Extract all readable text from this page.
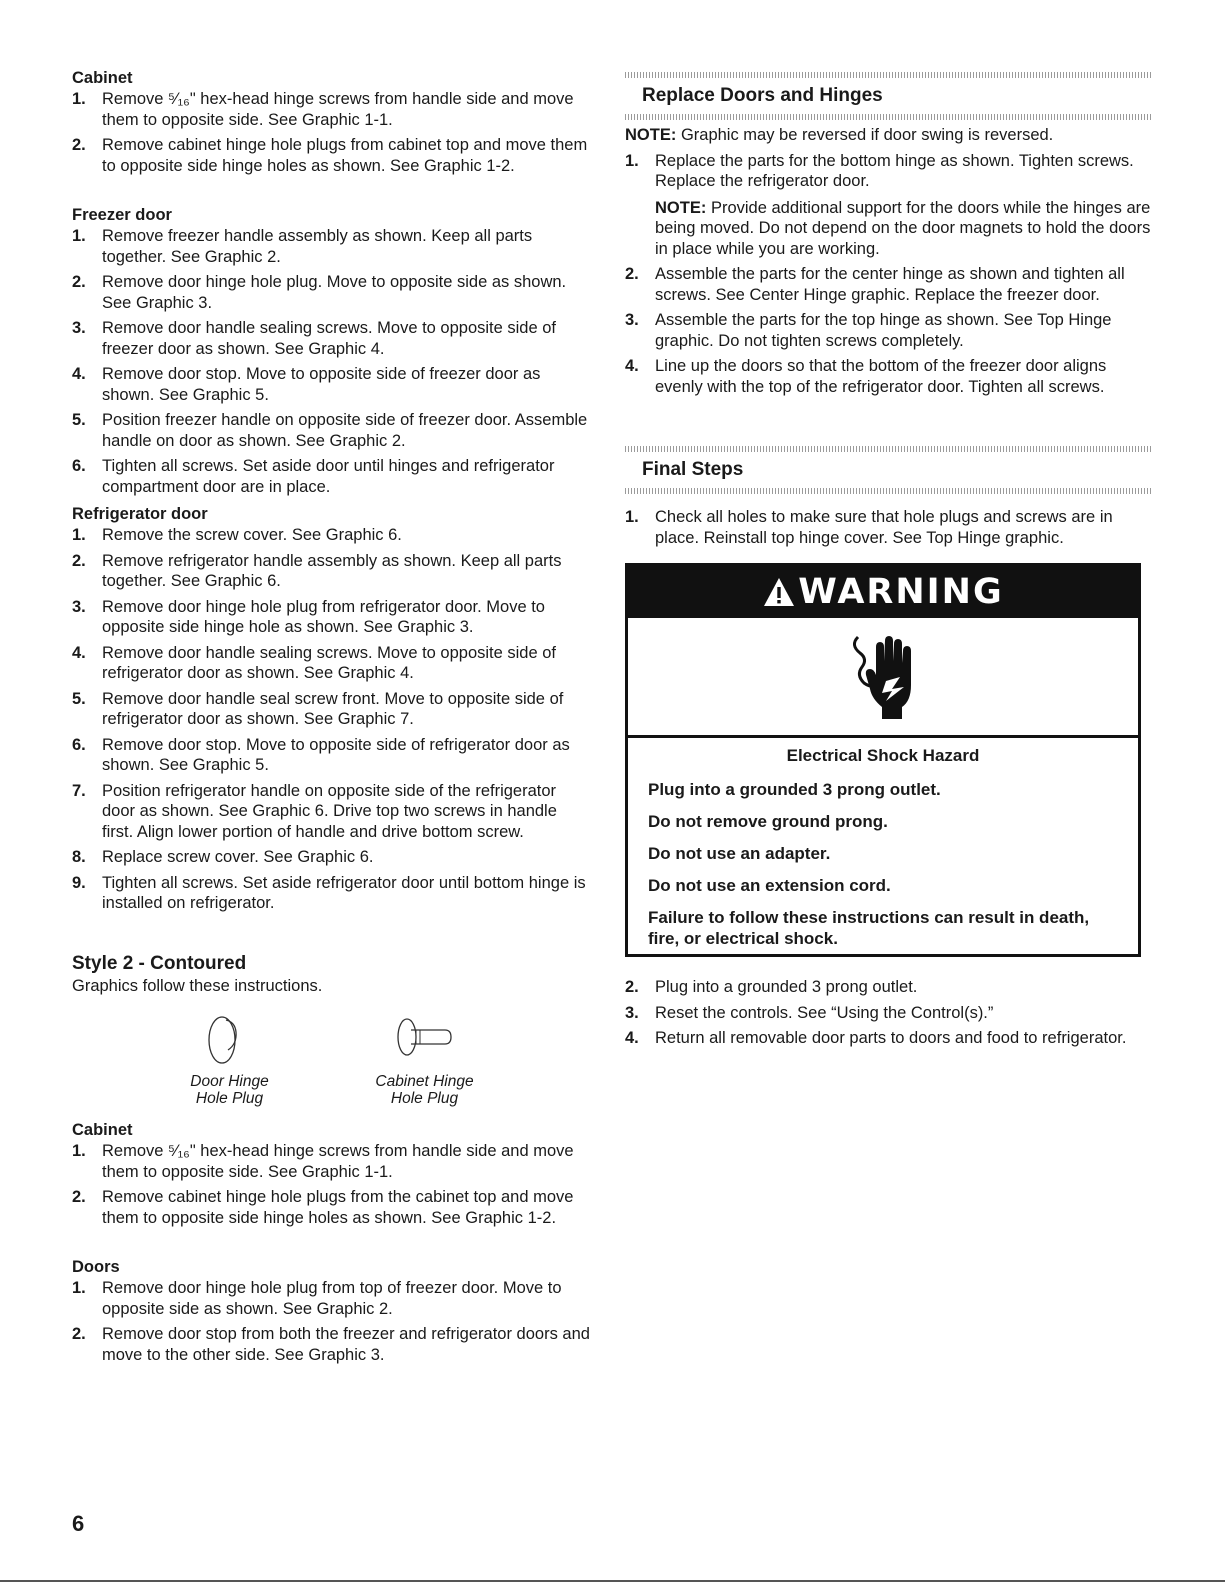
Cabinet

1. Remove ⁵⁄₁₆" hex-head hinge screws from handle side and move them to opposite side. See Graphic 1-1.
2. Remove cabinet hinge hole plugs from cabinet top and move them to opposite side hinge holes as shown. See Graphic 1-2.

Freezer door

1. Remove freezer handle assembly as shown. Keep all parts together. See Graphic 2.
2. Remove door hinge hole plug. Move to opposite side as shown. See Graphic 3.
3. Remove door handle sealing screws. Move to opposite side of freezer door as shown. See Graphic 4.
4. Remove door stop. Move to opposite side of freezer door as shown. See Graphic 5.
5. Position freezer handle on opposite side of freezer door. Assemble handle on door as shown. See Graphic 2.
6. Tighten all screws. Set aside door until hinges and refrigerator compartment door are in place.

Refrigerator door

1. Remove the screw cover. See Graphic 6.
2. Remove refrigerator handle assembly as shown. Keep all parts together. See Graphic 6.
3. Remove door hinge hole plug from refrigerator door. Move to opposite side hinge hole as shown. See Graphic 3.
4. Remove door handle sealing screws. Move to opposite side of refrigerator door as shown. See Graphic 4.
5. Remove door handle seal screw front. Move to opposite side of refrigerator door as shown. See Graphic 7.
6. Remove door stop. Move to opposite side of refrigerator door as shown. See Graphic 5.
7. Position refrigerator handle on opposite side of the refrigerator door as shown. See Graphic 6. Drive top two screws in handle first. Align lower portion of handle and drive bottom screw.
8. Replace screw cover. See Graphic 6.
9. Tighten all screws. Set aside refrigerator door until bottom hinge is installed on refrigerator.

Style 2 - Contoured

Graphics follow these instructions.

Door Hinge
Hole Plug
Cabinet Hinge
Hole Plug

Cabinet

1. Remove ⁵⁄₁₆" hex-head hinge screws from handle side and move them to opposite side. See Graphic 1-1.
2. Remove cabinet hinge hole plugs from the cabinet top and move them to opposite side hinge holes as shown. See Graphic 1-2.

Doors

1. Remove door hinge hole plug from top of freezer door. Move to opposite side as shown. See Graphic 2.
2. Remove door stop from both the freezer and refrigerator doors and move to the other side. See Graphic 3.

Replace Doors and Hinges

NOTE: Graphic may be reversed if door swing is reversed.

1. Replace the parts for the bottom hinge as shown. Tighten screws. Replace the refrigerator door.
NOTE: Provide additional support for the doors while the hinges are being moved. Do not depend on the door magnets to hold the doors in place while you are working.
2. Assemble the parts for the center hinge as shown and tighten all screws. See Center Hinge graphic. Replace the freezer door.
3. Assemble the parts for the top hinge as shown. See Top Hinge graphic. Do not tighten screws completely.
4. Line up the doors so that the bottom of the freezer door aligns evenly with the top of the refrigerator door. Tighten all screws.

Final Steps

1. Check all holes to make sure that hole plugs and screws are in place. Reinstall top hinge cover. See Top Hinge graphic.
2. Plug into a grounded 3 prong outlet.
3. Reset the controls. See “Using the Control(s).”
4. Return all removable door parts to doors and food to refrigerator.
WARNING

Electrical Shock Hazard

Plug into a grounded 3 prong outlet.

Do not remove ground prong.

Do not use an adapter.

Do not use an extension cord.

Failure to follow these instructions can result in death, fire, or electrical shock.

6
